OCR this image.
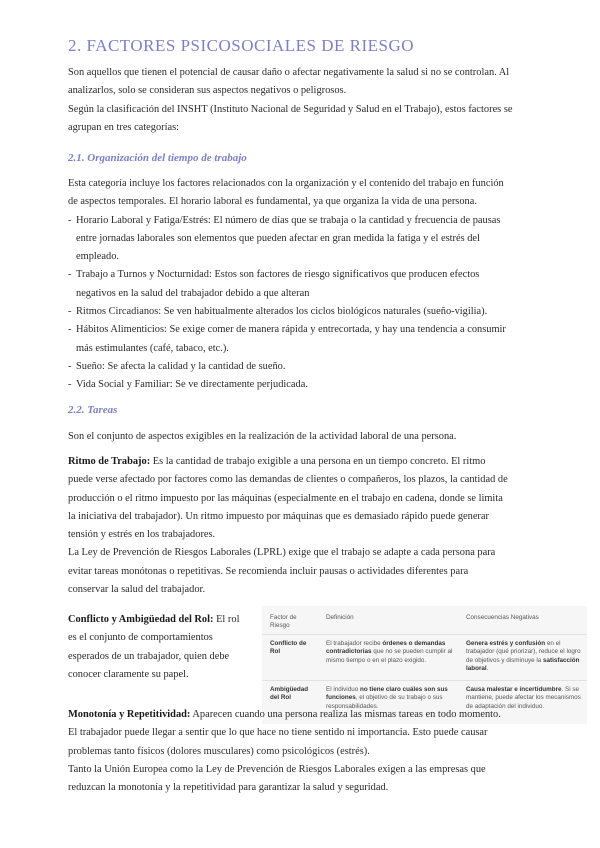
2. FACTORES PSICOSOCIALES DE RIESGO

Son aquellos que tienen el potencial de causar daño o afectar negativamente la salud si no se controlan. Al

analizarlos, solo se consideran sus aspectos negativos o peligrosos.

Según la clasificación del INSHT (Instituto Nacional de Seguridad y Salud en el Trabajo), estos factores se

agrupan en tres categorías:

2.1. Organización del tiempo de trabajo

Esta categoría incluye los factores relacionados con la organización y el contenido del trabajo en función

de aspectos temporales. El horario laboral es fundamental, ya que organiza la vida de una persona.

- Horario Laboral y Fatiga/Estrés: El número de días que se trabaja o la cantidad y frecuencia de pausas

entre jornadas laborales son elementos que pueden afectar en gran medida la fatiga y el estrés del

empleado.

- Trabajo a Turnos y Nocturnidad: Estos son factores de riesgo significativos que producen efectos

negativos en la salud del trabajador debido a que alteran

- Ritmos Circadianos: Se ven habitualmente alterados los ciclos biológicos naturales (sueño-vigilia).

- Hábitos Alimenticios: Se exige comer de manera rápida y entrecortada, y hay una tendencia a consumir

más estimulantes (café, tabaco, etc.).

- Sueño: Se afecta la calidad y la cantidad de sueño.

- Vida Social y Familiar: Se ve directamente perjudicada.

2.2. Tareas

Son el conjunto de aspectos exigibles en la realización de la actividad laboral de una persona.

Ritmo de Trabajo: Es la cantidad de trabajo exigible a una persona en un tiempo concreto. El ritmo

puede verse afectado por factores como las demandas de clientes o compañeros, los plazos, la cantidad de

producción o el ritmo impuesto por las máquinas (especialmente en el trabajo en cadena, donde se limita

la iniciativa del trabajador). Un ritmo impuesto por máquinas que es demasiado rápido puede generar

tensión y estrés en los trabajadores.

La Ley de Prevención de Riesgos Laborales (LPRL) exige que el trabajo se adapte a cada persona para

evitar tareas monótonas o repetitivas. Se recomienda incluir pausas o actividades diferentes para

conservar la salud del trabajador.

Conflicto y Ambigüedad del Rol: El rol

es el conjunto de comportamientos

esperados de un trabajador, quien debe

conocer claramente su papel.

Factor de Riesgo
Definición	Consecuencias Negativas
Conflicto de Rol
El trabajador recibe órdenes o demandas contradictorias que no se pueden cumplir al mismo tiempo o en el plazo exigido.
Genera estrés y confusión en el trabajador (qué priorizar), reduce el logro de objetivos y disminuye la satisfacción laboral.
Ambigüedad del Rol
El individuo no tiene claro cuáles son sus funciones, el objetivo de su trabajo o sus responsabilidades.
Causa malestar e incertidumbre. Si se mantiene, puede afectar los mecanismos de adaptación del individuo.

Monotonía y Repetitividad: Aparecen cuando una persona realiza las mismas tareas en todo momento.

El trabajador puede llegar a sentir que lo que hace no tiene sentido ni importancia. Esto puede causar

problemas tanto físicos (dolores musculares) como psicológicos (estrés).

Tanto la Unión Europea como la Ley de Prevención de Riesgos Laborales exigen a las empresas que

reduzcan la monotonía y la repetitividad para garantizar la salud y seguridad.
